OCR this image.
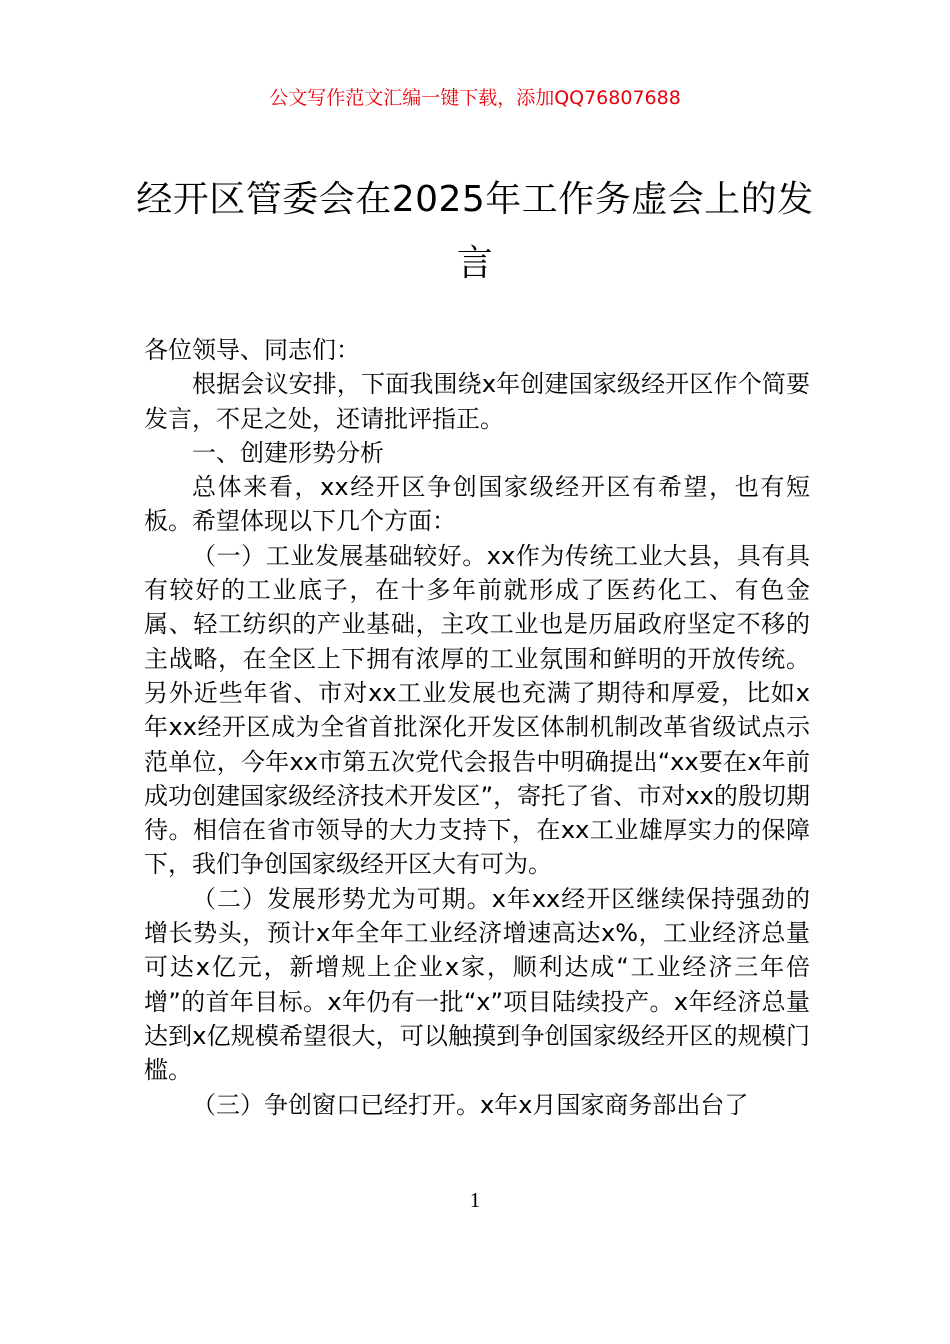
公文写作范文汇编一键下载，添加QQ76807688
经开区管委会在2025年工作务虚会上的发言

各位领导、同志们：

根据会议安排，下面我围绕x年创建国家级经开区作个简要发言，不足之处，还请批评指正。

一、创建形势分析

总体来看，xx经开区争创国家级经开区有希望，也有短板。希望体现以下几个方面：

（一）工业发展基础较好。xx作为传统工业大县，具有具有较好的工业底子，在十多年前就形成了医药化工、有色金属、轻工纺织的产业基础，主攻工业也是历届政府坚定不移的主战略，在全区上下拥有浓厚的工业氛围和鲜明的开放传统。另外近些年省、市对xx工业发展也充满了期待和厚爱，比如x年xx经开区成为全省首批深化开发区体制机制改革省级试点示范单位，今年xx市第五次党代会报告中明确提出“xx要在x年前成功创建国家级经济技术开发区”，寄托了省、市对xx的殷切期待。相信在省市领导的大力支持下，在xx工业雄厚实力的保障下，我们争创国家级经开区大有可为。

（二）发展形势尤为可期。x年xx经开区继续保持强劲的增长势头，预计x年全年工业经济增速高达x%，工业经济总量可达x亿元，新增规上企业x家，顺利达成“工业经济三年倍增”的首年目标。x年仍有一批“x”项目陆续投产。x年经济总量达到x亿规模希望很大，可以触摸到争创国家级经开区的规模门槛。

（三）争创窗口已经打开。x年x月国家商务部出台了

1
